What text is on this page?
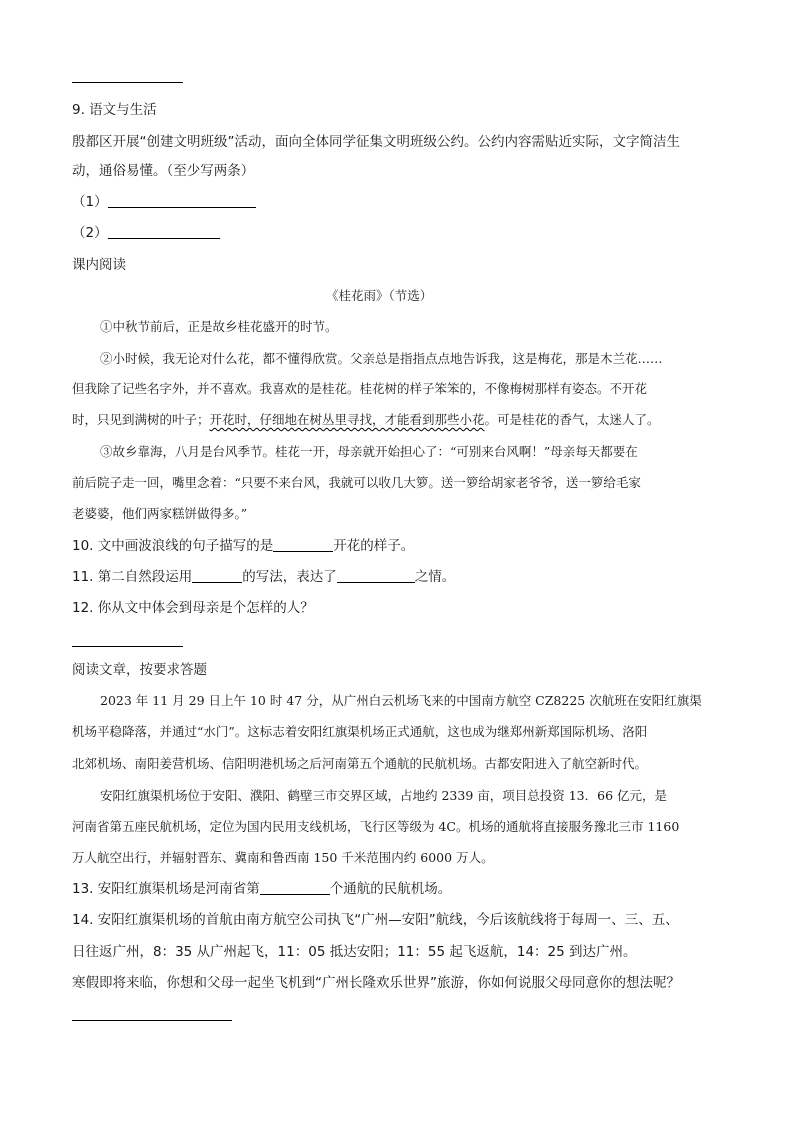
9. 语文与生活
殷都区开展“创建文明班级”活动，面向全体同学征集文明班级公约。公约内容需贴近实际，文字简洁生
动，通俗易懂。（至少写两条）
（1）
（2）
课内阅读
《桂花雨》（节选）
①中秋节前后，正是故乡桂花盛开的时节。
②小时候，我无论对什么花，都不懂得欣赏。父亲总是指指点点地告诉我，这是梅花，那是木兰花……
但我除了记些名字外，并不喜欢。我喜欢的是桂花。桂花树的样子笨笨的，不像梅树那样有姿态。不开花
时，只见到满树的叶子；开花时，仔细地在树丛里寻找，才能看到那些小花。可是桂花的香气，太迷人了。
③故乡靠海，八月是台风季节。桂花一开，母亲就开始担心了：“可别来台风啊！”母亲每天都要在
前后院子走一回，嘴里念着：“只要不来台风，我就可以收几大箩。送一箩给胡家老爷爷，送一箩给毛家
老婆婆，他们两家糕饼做得多。”
10. 文中画波浪线的句子描写的是	开花的样子。
11. 第二自然段运用	的写法，表达了	之情。
12. 你从文中体会到母亲是个怎样的人？
阅读文章，按要求答题
2023 年 11 月 29 日上午 10 时 47 分，从广州白云机场飞来的中国南方航空 CZ8225 次航班在安阳红旗渠
机场平稳降落，并通过“水门”。这标志着安阳红旗渠机场正式通航，这也成为继郑州新郑国际机场、洛阳
北郊机场、南阳姜营机场、信阳明港机场之后河南第五个通航的民航机场。古都安阳进入了航空新时代。
安阳红旗渠机场位于安阳、濮阳、鹤壁三市交界区域，占地约 2339 亩，项目总投资 13．66 亿元，是
河南省第五座民航机场，定位为国内民用支线机场，飞行区等级为 4C。机场的通航将直接服务豫北三市 1160
万人航空出行，并辐射晋东、冀南和鲁西南 150 千米范围内约 6000 万人。
13. 安阳红旗渠机场是河南省第	个通航的民航机场。
14. 安阳红旗渠机场的首航由南方航空公司执飞“广州—安阳”航线，今后该航线将于每周一、三、五、
日往返广州，8：35 从广州起飞，11：05 抵达安阳；11：55 起飞返航，14：25 到达广州。
寒假即将来临，你想和父母一起坐飞机到“广州长隆欢乐世界”旅游，你如何说服父母同意你的想法呢？
